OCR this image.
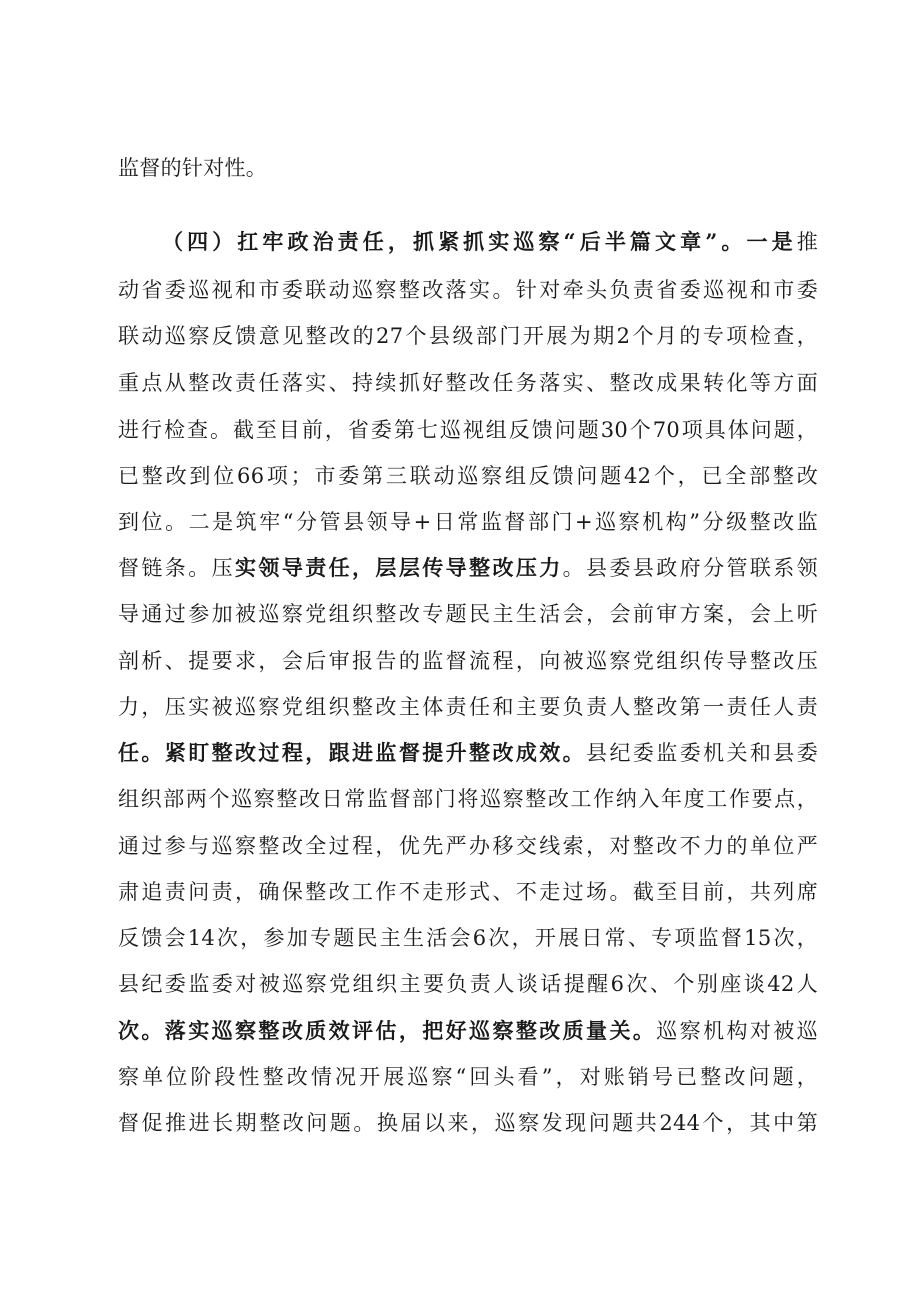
监督的针对性。
（四）扛牢政治责任，抓紧抓实巡察“后半篇文章”。一是推
动省委巡视和市委联动巡察整改落实。针对牵头负责省委巡视和市委
联动巡察反馈意见整改的27个县级部门开展为期2个月的专项检查，
重点从整改责任落实、持续抓好整改任务落实、整改成果转化等方面
进行检查。截至目前，省委第七巡视组反馈问题30个70项具体问题，
已整改到位66项；市委第三联动巡察组反馈问题42个，已全部整改
到位。二是筑牢“分管县领导+日常监督部门+巡察机构”分级整改监
督链条。压实领导责任，层层传导整改压力。县委县政府分管联系领
导通过参加被巡察党组织整改专题民主生活会，会前审方案，会上听
剖析、提要求，会后审报告的监督流程，向被巡察党组织传导整改压
力，压实被巡察党组织整改主体责任和主要负责人整改第一责任人责
任。紧盯整改过程，跟进监督提升整改成效。县纪委监委机关和县委
组织部两个巡察整改日常监督部门将巡察整改工作纳入年度工作要点，
通过参与巡察整改全过程，优先严办移交线索，对整改不力的单位严
肃追责问责，确保整改工作不走形式、不走过场。截至目前，共列席
反馈会14次，参加专题民主生活会6次，开展日常、专项监督15次，
县纪委监委对被巡察党组织主要负责人谈话提醒6次、个别座谈42人
次。落实巡察整改质效评估，把好巡察整改质量关。巡察机构对被巡
察单位阶段性整改情况开展巡察“回头看”，对账销号已整改问题，
督促推进长期整改问题。换届以来，巡察发现问题共244个，其中第
